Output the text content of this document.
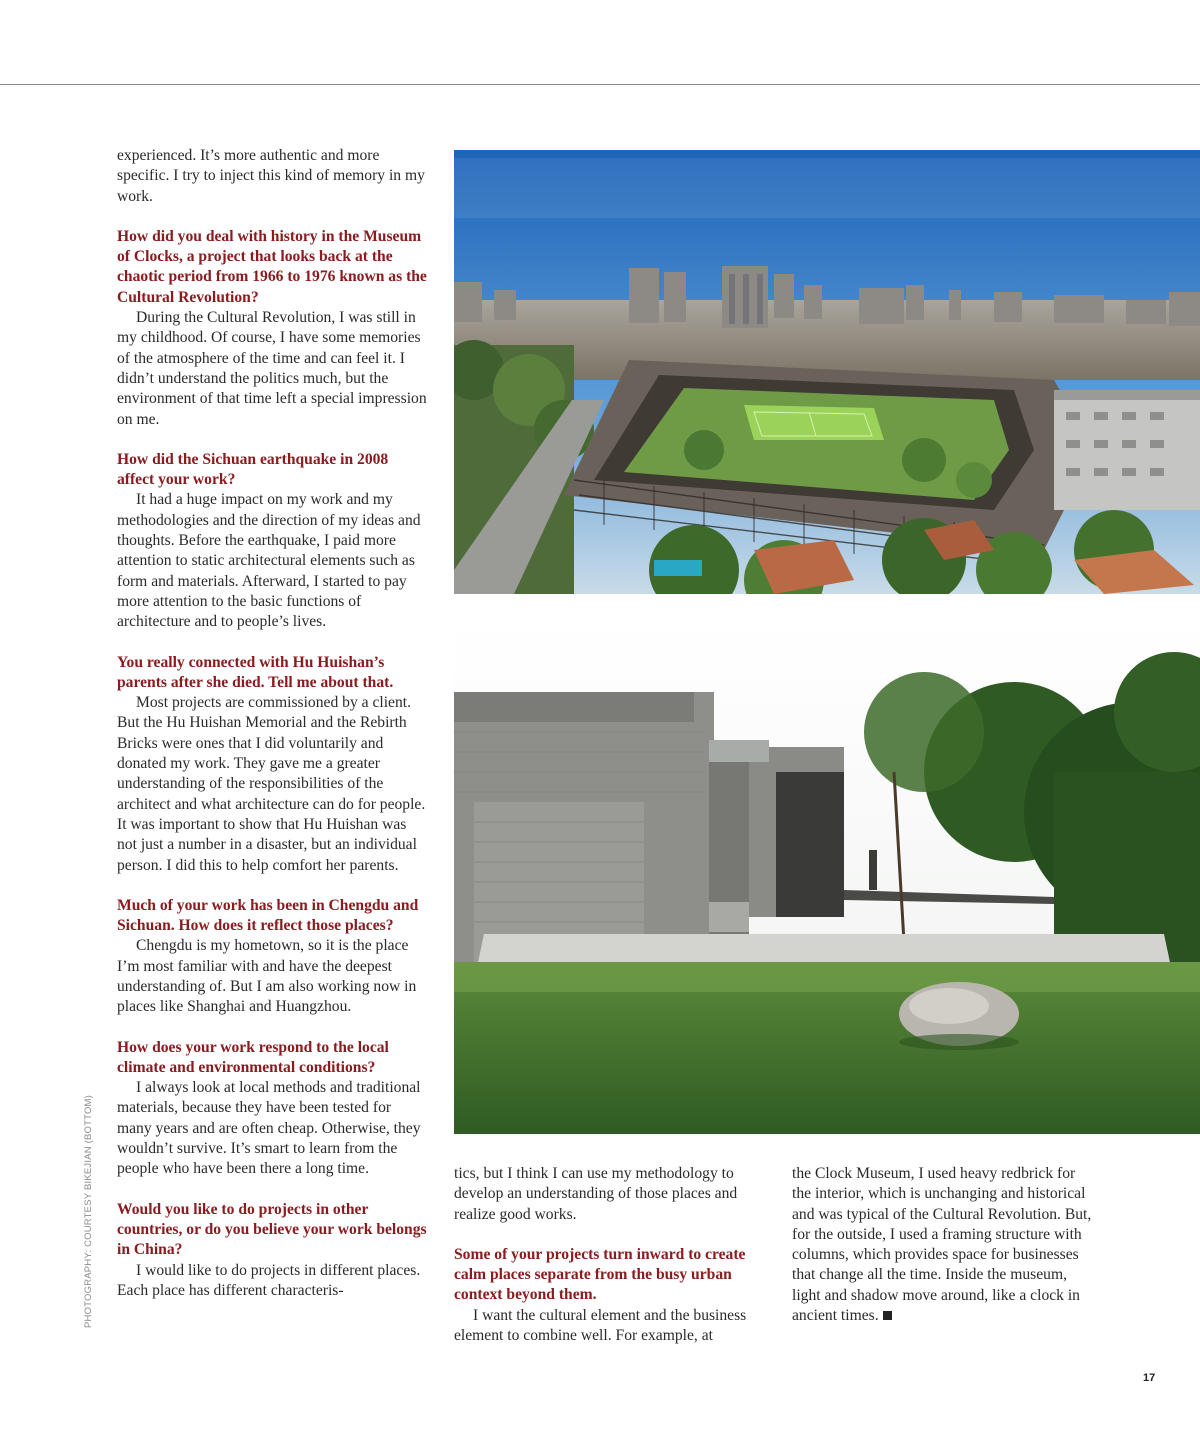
experienced. It’s more authentic and more specific. I try to inject this kind of memory in my work.

How did you deal with history in the Museum of Clocks, a project that looks back at the chaotic period from 1966 to 1976 known as the Cultural Revolution?

During the Cultural Revolution, I was still in my childhood. Of course, I have some memories of the atmosphere of the time and can feel it. I didn’t understand the politics much, but the environment of that time left a special impression on me.

How did the Sichuan earthquake in 2008 affect your work?

It had a huge impact on my work and my methodologies and the direction of my ideas and thoughts. Before the earthquake, I paid more attention to static architectural elements such as form and materials. Afterward, I started to pay more attention to the basic functions of architecture and to people’s lives.

You really connected with Hu Huishan’s parents after she died. Tell me about that.

Most projects are commissioned by a client. But the Hu Huishan Memorial and the Rebirth Bricks were ones that I did voluntarily and donated my work. They gave me a greater understanding of the responsibilities of the architect and what architecture can do for people. It was important to show that Hu Huishan was not just a number in a disaster, but an individual person. I did this to help comfort her parents.

Much of your work has been in Chengdu and Sichuan. How does it reflect those places?

Chengdu is my hometown, so it is the place I’m most familiar with and have the deepest understanding of. But I am also working now in places like Shanghai and Huangzhou.

How does your work respond to the local climate and environmental conditions?

I always look at local methods and traditional materials, because they have been tested for many years and are often cheap. Otherwise, they wouldn’t survive. It’s smart to learn from the people who have been there a long time.

Would you like to do projects in other countries, or do you believe your work belongs in China?

I would like to do projects in different places. Each place has different characteris-

tics, but I think I can use my methodology to develop an understanding of those places and realize good works.

Some of your projects turn inward to create calm places separate from the busy urban context beyond them.

I want the cultural element and the business element to combine well. For example, at

the Clock Museum, I used heavy redbrick for the interior, which is unchanging and historical and was typical of the Cultural Revolution. But, for the outside, I used a framing structure with columns, which provides space for businesses that change all the time. Inside the museum, light and shadow move around, like a clock in ancient times.

PHOTOGRAPHY: COURTESY BIKEJIAN (BOTTOM)
17
